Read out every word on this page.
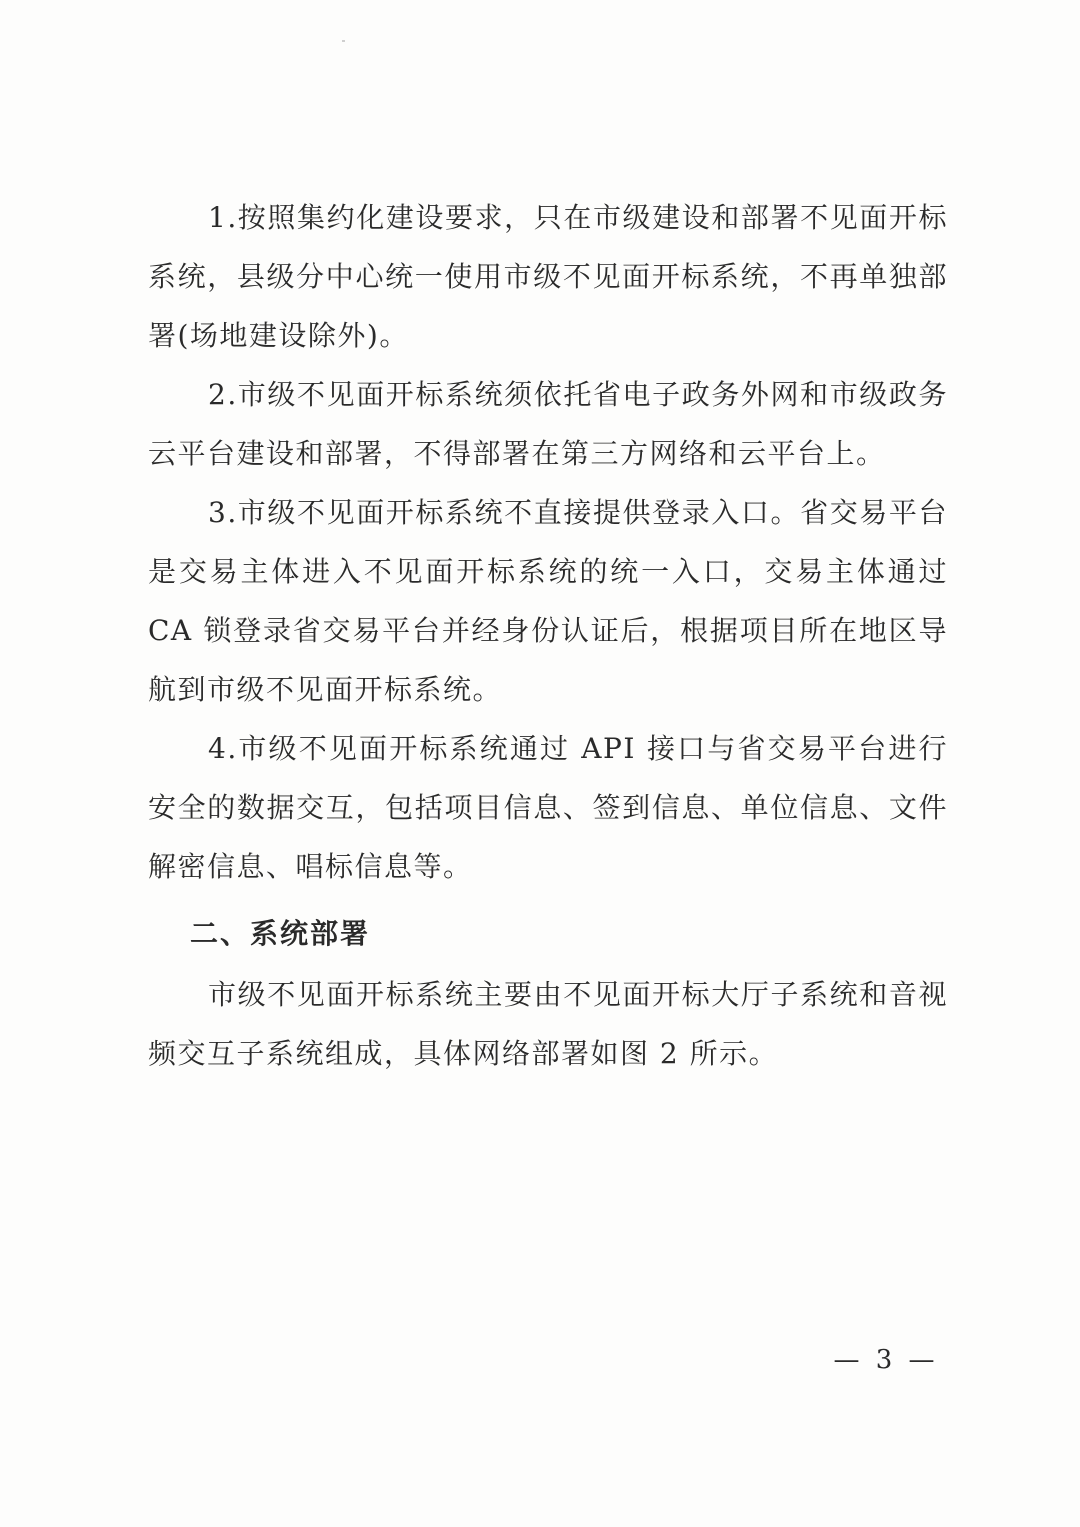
1.按照集约化建设要求，只在市级建设和部署不见面开标系统，县级分中心统一使用市级不见面开标系统，不再单独部署(场地建设除外)。

2.市级不见面开标系统须依托省电子政务外网和市级政务云平台建设和部署，不得部署在第三方网络和云平台上。

3.市级不见面开标系统不直接提供登录入口。省交易平台是交易主体进入不见面开标系统的统一入口，交易主体通过 CA 锁登录省交易平台并经身份认证后，根据项目所在地区导航到市级不见面开标系统。

4.市级不见面开标系统通过 API 接口与省交易平台进行安全的数据交互，包括项目信息、签到信息、单位信息、文件解密信息、唱标信息等。

二、系统部署

市级不见面开标系统主要由不见面开标大厅子系统和音视频交互子系统组成，具体网络部署如图 2 所示。

— 3 —
